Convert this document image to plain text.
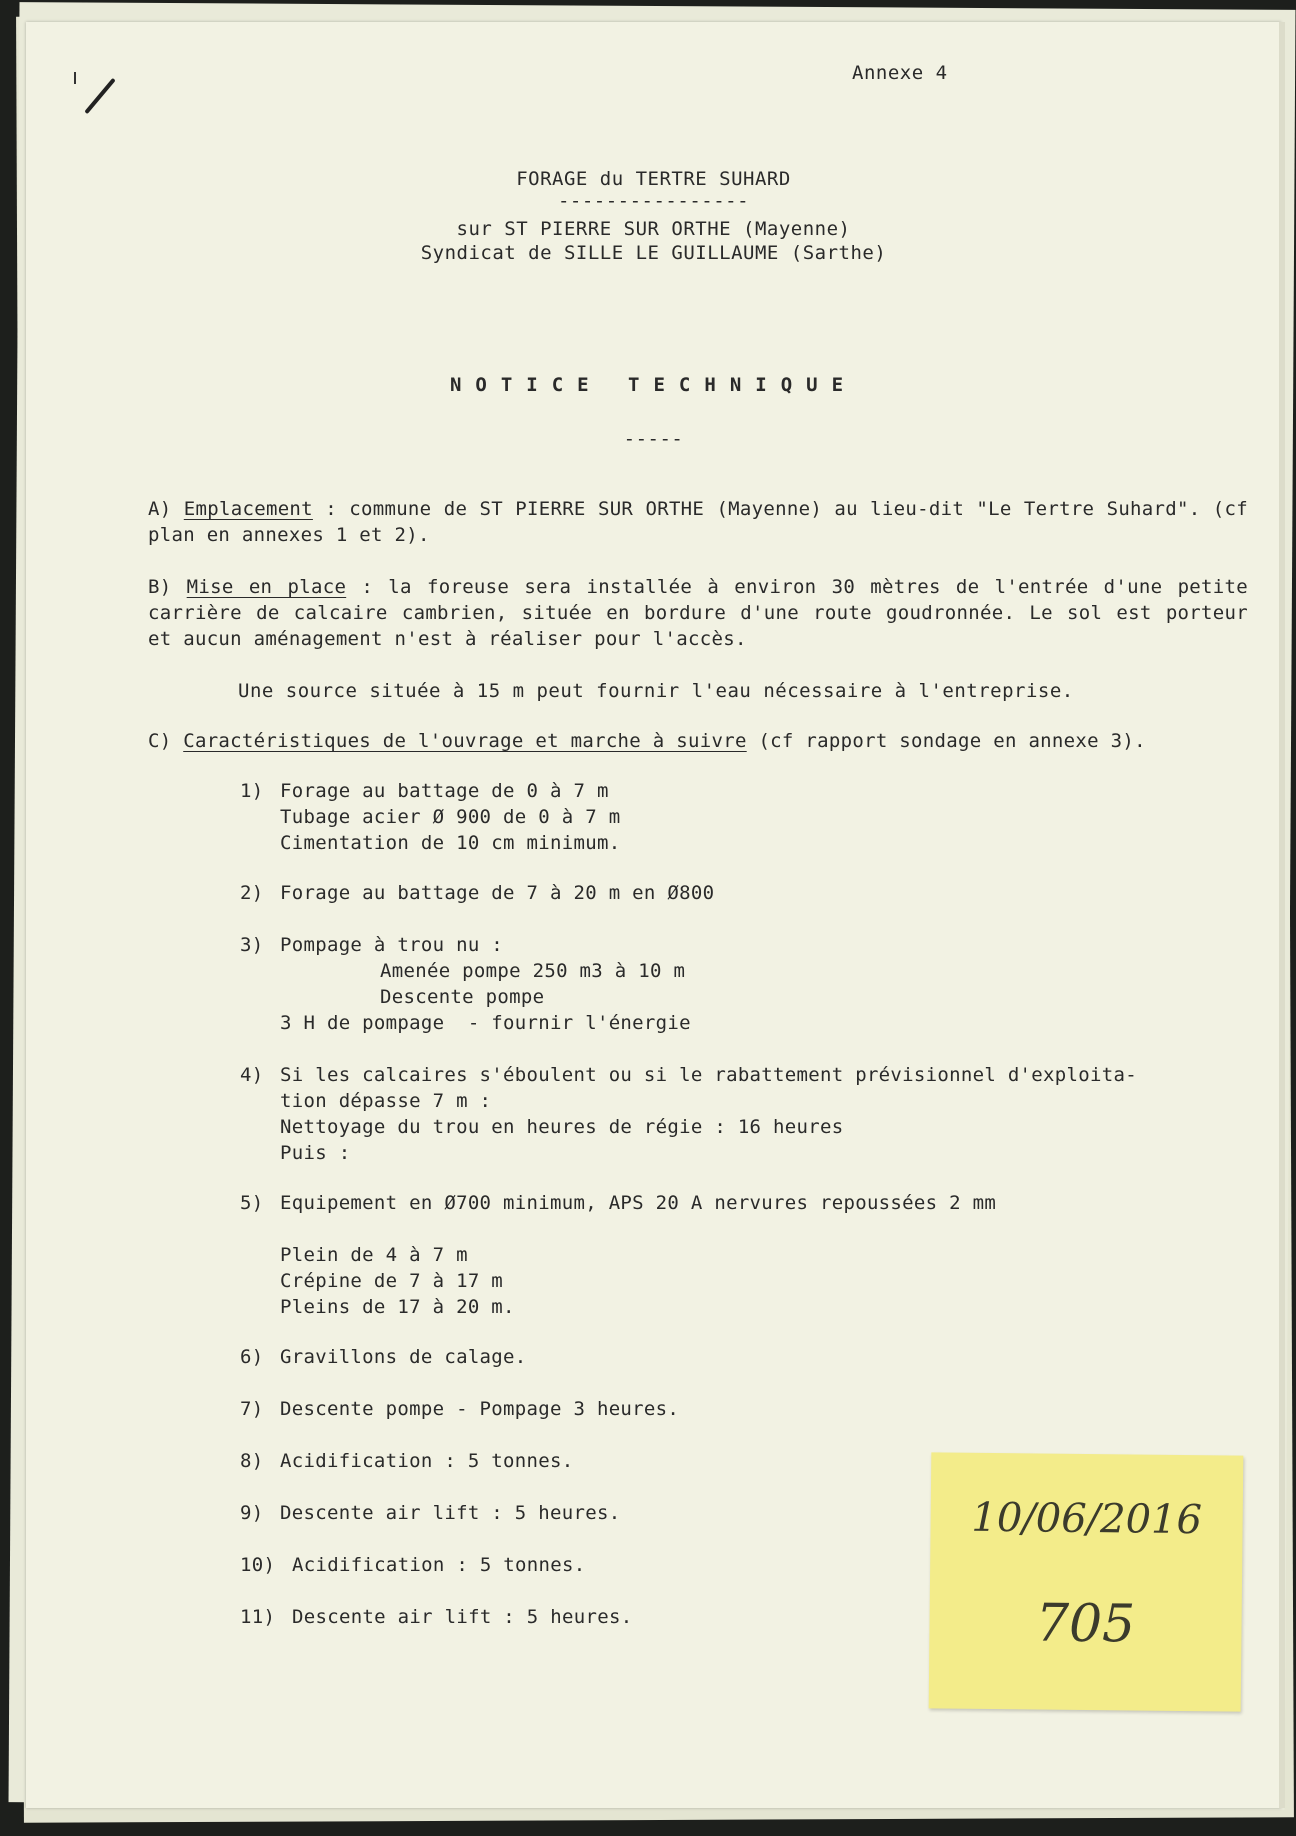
Annexe 4
FORAGE du TERTRE SUHARD
----------------
sur ST PIERRE SUR ORTHE (Mayenne)
Syndicat de SILLE LE GUILLAUME (Sarthe)
NOTICE TECHNIQUE
-----
A) Emplacement : commune de ST PIERRE SUR ORTHE (Mayenne) au lieu-dit "Le Tertre Suhard". (cf plan en annexes 1 et 2).
B) Mise en place : la foreuse sera installée à environ 30 mètres de l'entrée d'une petite carrière de calcaire cambrien, située en bordure d'une route goudronnée. Le sol est porteur et aucun aménagement n'est à réaliser pour l'accès.
Une source située à 15 m peut fournir l'eau nécessaire à l'entreprise.
C) Caractéristiques de l'ouvrage et marche à suivre (cf rapport sondage en annexe 3).
1) Forage au battage de 0 à 7 m
Tubage acier Ø 900 de 0 à 7 m
Cimentation de 10 cm minimum.
2) Forage au battage de 7 à 20 m en Ø800
3) Pompage à trou nu :
Amenée pompe 250 m3 à 10 m
Descente pompe
3 H de pompage  - fournir l'énergie
4) Si les calcaires s'éboulent ou si le rabattement prévisionnel d'exploita-
tion dépasse 7 m :
Nettoyage du trou en heures de régie : 16 heures
Puis :
5) Equipement en Ø700 minimum, APS 20 A nervures repoussées 2 mm
Plein de 4 à 7 m
Crépine de 7 à 17 m
Pleins de 17 à 20 m.
6) Gravillons de calage.
7) Descente pompe - Pompage 3 heures.
8) Acidification : 5 tonnes.
9) Descente air lift : 5 heures.
10) Acidification : 5 tonnes.
11) Descente air lift : 5 heures.
10/06/2016
705
